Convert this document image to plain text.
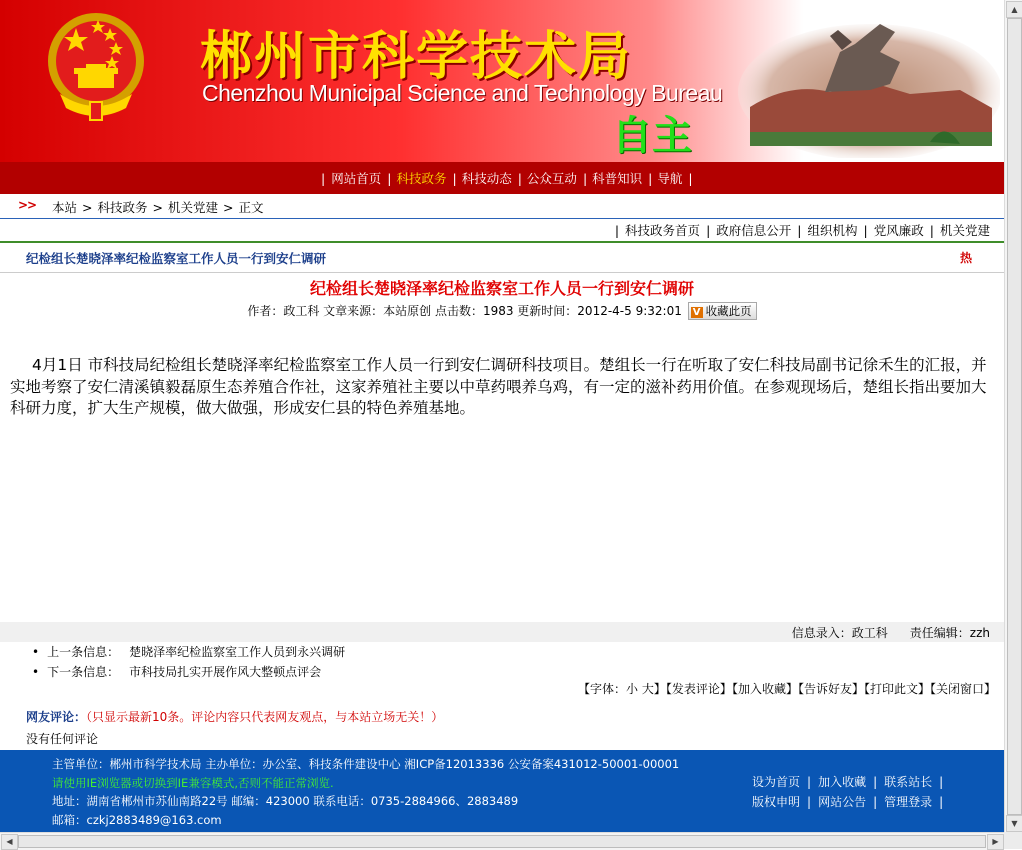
郴州市科学技术局
Chenzhou Municipal Science and Technology Bureau
自主
| 网站首页 | 科技政务 | 科技动态 | 公众互动 | 科普知识 | 导航 |
>> 本站 > 科技政务 > 机关党建 > 正文
| 科技政务首页 | 政府信息公开 | 组织机构 | 党风廉政 | 机关党建
纪检组长楚晓泽率纪检监察室工作人员一行到安仁调研	热
纪检组长楚晓泽率纪检监察室工作人员一行到安仁调研
作者：政工科 文章来源：本站原创 点击数：1983 更新时间：2012-4-5 9:32:01 V 收藏此页
4月1日 市科技局纪检组长楚晓泽率纪检监察室工作人员一行到安仁调研科技项目。楚组长一行在听取了安仁科技局副书记徐禾生的汇报，并实地考察了安仁清溪镇毅磊原生态养殖合作社，这家养殖社主要以中草药喂养乌鸡，有一定的滋补药用价值。在参观现场后，楚组长指出要加大科研力度，扩大生产规模，做大做强，形成安仁县的特色养殖基地。
信息录入：政工科 责任编辑：zzh
• 上一条信息： 楚晓泽率纪检监察室工作人员到永兴调研
• 下一条信息： 市科技局扎实开展作风大整顿点评会
【字体：小 大】【发表评论】【加入收藏】【告诉好友】【打印此文】【关闭窗口】
网友评论：（只显示最新10条。评论内容只代表网友观点，与本站立场无关！）
没有任何评论
主管单位：郴州市科学技术局 主办单位：办公室、科技条件建设中心 湘ICP备12013336 公安备案431012-50001-00001
请使用IE浏览器或切换到IE兼容模式,否则不能正常浏览.
地址：湖南省郴州市苏仙南路22号 邮编：423000 联系电话：0735-2884966、2883489
邮箱：czkj2883489@163.com
设为首页 | 加入收藏 | 联系站长 |
版权申明 | 网站公告 | 管理登录 |
▲
▼
◀	▶
